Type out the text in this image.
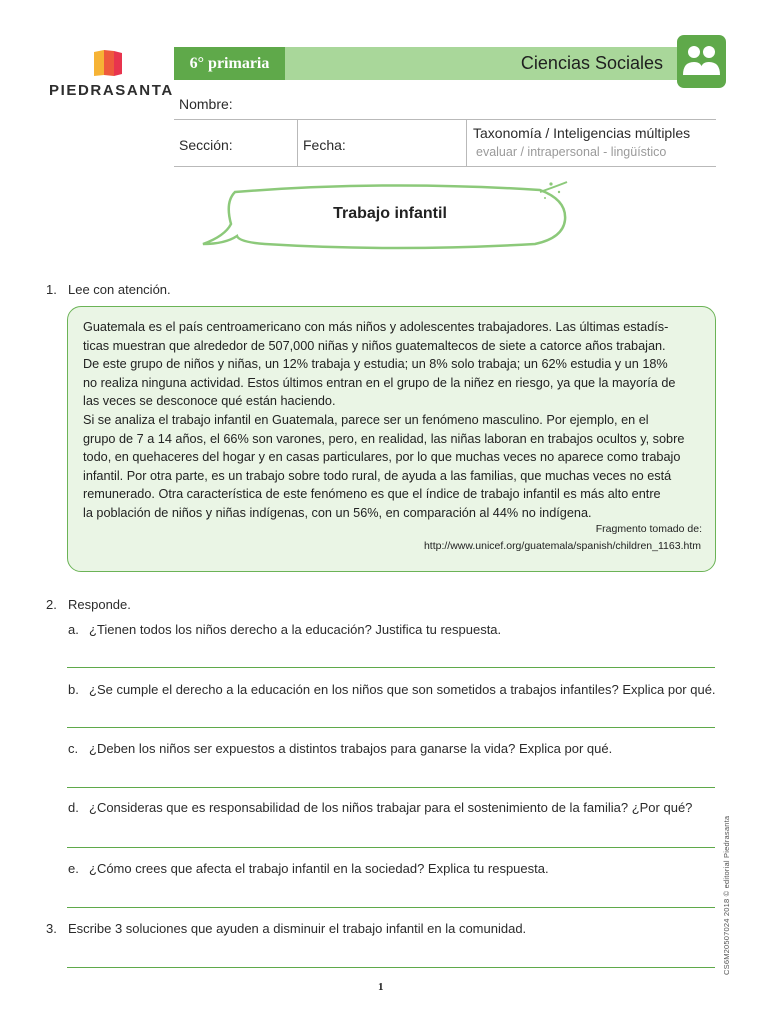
PIEDRASANTA
6° primaria	Ciencias Sociales
Nombre:
Sección:	Fecha:
Taxonomía / Inteligencias múltiples
evaluar / intrapersonal - lingüístico
Trabajo infantil
1. Lee con atención.

Guatemala es el país centroamericano con más niños y adolescentes trabajadores. Las últimas estadís-

ticas muestran que alrededor de 507,000 niñas y niños guatemaltecos de siete a catorce años trabajan.

De este grupo de niños y niñas, un 12% trabaja y estudia; un 8% solo trabaja; un 62% estudia y un 18%

no realiza ninguna actividad. Estos últimos entran en el grupo de la niñez en riesgo, ya que la mayoría de

las veces se desconoce qué están haciendo.

Si se analiza el trabajo infantil en Guatemala, parece ser un fenómeno masculino. Por ejemplo, en el

grupo de 7 a 14 años, el 66% son varones, pero, en realidad, las niñas laboran en trabajos ocultos y, sobre

todo, en quehaceres del hogar y en casas particulares, por lo que muchas veces no aparece como trabajo

infantil. Por otra parte, es un trabajo sobre todo rural, de ayuda a las familias, que muchas veces no está

remunerado. Otra característica de este fenómeno es que el índice de trabajo infantil es más alto entre

la población de niños y niñas indígenas, con un 56%, en comparación al 44% no indígena.

Fragmento tomado de:
http://www.unicef.org/guatemala/spanish/children_1163.htm
2. Responde.
a. ¿Tienen todos los niños derecho a la educación? Justifica tu respuesta.
b. ¿Se cumple el derecho a la educación en los niños que son sometidos a trabajos infantiles? Explica por qué.
c. ¿Deben los niños ser expuestos a distintos trabajos para ganarse la vida? Explica por qué.
d. ¿Consideras que es responsabilidad de los niños trabajar para el sostenimiento de la familia? ¿Por qué?
e. ¿Cómo crees que afecta el trabajo infantil en la sociedad? Explica tu respuesta.
3. Escribe 3 soluciones que ayuden a disminuir el trabajo infantil en la comunidad.
1
CS6M20507024 2018 © editorial Piedrasanta
